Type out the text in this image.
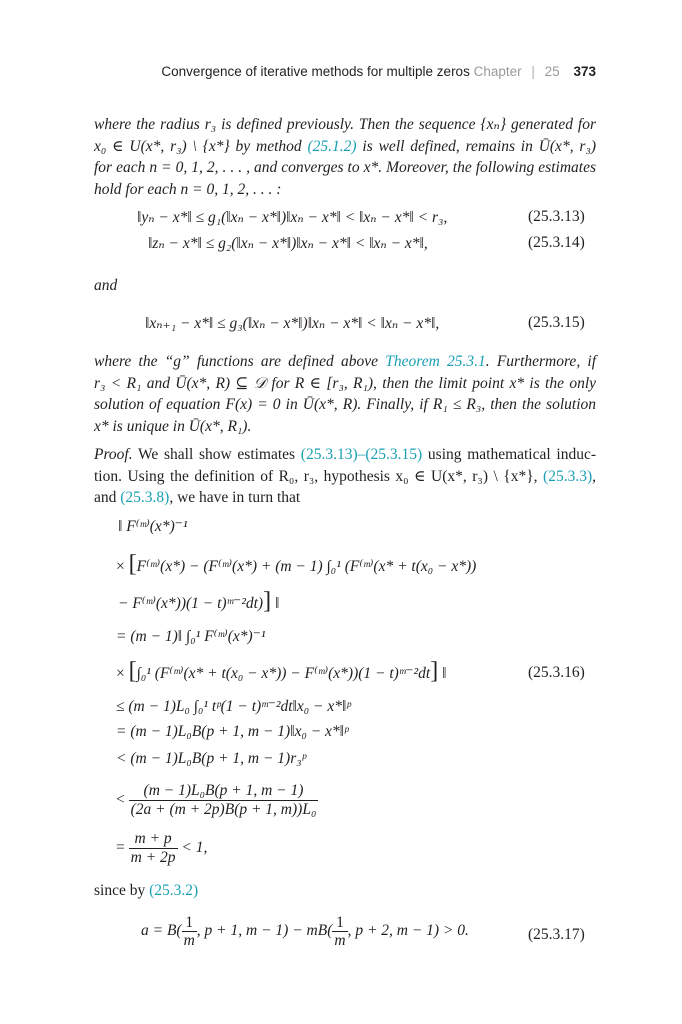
Convergence of iterative methods for multiple zeros Chapter | 25 373
where the radius r₃ is defined previously. Then the sequence {xₙ} generated for
x₀ ∈ U(x*, r₃) \ {x*} by method (25.1.2) is well defined, remains in Ū(x*, r₃)
for each n = 0, 1, 2, . . . , and converges to x*. Moreover, the following estimates
hold for each n = 0, 1, 2, . . . :
‖yₙ − x*‖ ≤ g₁(‖xₙ − x*‖)‖xₙ − x*‖ < ‖xₙ − x*‖ < r₃,	(25.3.13)
‖zₙ − x*‖ ≤ g₂(‖xₙ − x*‖)‖xₙ − x*‖ < ‖xₙ − x*‖,	(25.3.14)
and
‖xₙ₊₁ − x*‖ ≤ g₃(‖xₙ − x*‖)‖xₙ − x*‖ < ‖xₙ − x*‖,	(25.3.15)
where the “g” functions are defined above Theorem 25.3.1. Furthermore, if
r₃ < R₁ and Ū(x*, R) ⊆ 𝒟 for R ∈ [r₃, R₁), then the limit point x* is the only
solution of equation F(x) = 0 in Ū(x*, R). Finally, if R₁ ≤ R₃, then the solution
x* is unique in Ū(x*, R₁).
Proof. We shall show estimates (25.3.13)–(25.3.15) using mathematical induc-
tion. Using the definition of R₀, r₃, hypothesis x₀ ∈ U(x*, r₃) \ {x*}, (25.3.3),
and (25.3.8), we have in turn that
‖ F⁽ᵐ⁾(x*)⁻¹
× [F⁽ᵐ⁾(x*) − (F⁽ᵐ⁾(x*) + (m − 1) ∫₀¹ (F⁽ᵐ⁾(x* + t(x₀ − x*))
− F⁽ᵐ⁾(x*))(1 − t)ᵐ⁻²dt)] ‖
= (m − 1)‖ ∫₀¹ F⁽ᵐ⁾(x*)⁻¹
× [∫₀¹ (F⁽ᵐ⁾(x* + t(x₀ − x*)) − F⁽ᵐ⁾(x*))(1 − t)ᵐ⁻²dt] ‖	(25.3.16)
≤ (m − 1)L₀ ∫₀¹ tᵖ(1 − t)ᵐ⁻²dt‖x₀ − x*‖ᵖ
= (m − 1)L₀B(p + 1, m − 1)‖x₀ − x*‖ᵖ
< (m − 1)L₀B(p + 1, m − 1)r₃ᵖ
< $\frac{\text{(m − 1)L₀B(p + 1, m − 1)}}{\text{(2a + (m + 2p)B(p + 1, m))L₀}}$
= $\frac{m + p}{m + 2p} < 1$,
since by (25.3.2)
$a = B( \frac{1}{m}$ , p + 1, $m - 1) - mB( \frac{1}{m}$ , p + 2, m − 1) > 0.	(25.3.17)
